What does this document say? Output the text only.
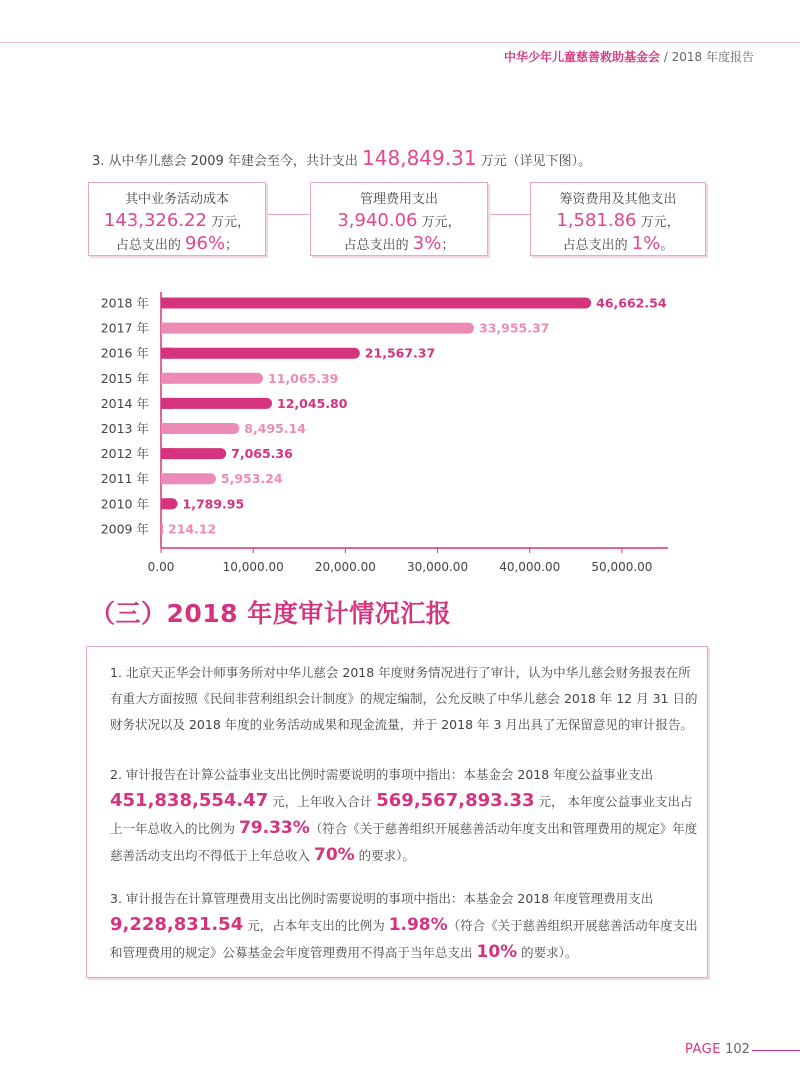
中华少年儿童慈善救助基金会 / 2018 年度报告
3. 从中华儿慈会 2009 年建会至今，共计支出 148,849.31 万元（详见下图）。
其中业务活动成本
143,326.22 万元，
占总支出的 96%；
管理费用支出
3,940.06 万元，
占总支出的 3%；
筹资费用及其他支出
1,581.86 万元，
占总支出的 1%。
0.00	10,000.00	20,000.00	30,000.00	40,000.00	50,000.00
2018 年	46,662.54
2017 年	33,955.37
2016 年	21,567.37
2015 年	11,065.39
2014 年	12,045.80
2013 年	8,495.14
2012 年	7,065.36
2011 年	5,953.24
2010 年	1,789.95
2009 年 214.12
（三）2018 年度审计情况汇报
1. 北京天正华会计师事务所对中华儿慈会 2018 年度财务情况进行了审计，认为中华儿慈会财务报表在所有重大方面按照《民间非营利组织会计制度》的规定编制，公允反映了中华儿慈会 2018 年 12 月 31 日的财务状况以及 2018 年度的业务活动成果和现金流量，并于 2018 年 3 月出具了无保留意见的审计报告。
2. 审计报告在计算公益事业支出比例时需要说明的事项中指出：本基金会 2018 年度公益事业支出
451,838,554.47 元，上年收入合计 569,567,893.33 元， 本年度公益事业支出占上一年总收入的比例为 79.33%（符合《关于慈善组织开展慈善活动年度支出和管理费用的规定》年度慈善活动支出均不得低于上年总收入 70% 的要求）。
3. 审计报告在计算管理费用支出比例时需要说明的事项中指出：本基金会 2018 年度管理费用支出
9,228,831.54 元，占本年支出的比例为 1.98%（符合《关于慈善组织开展慈善活动年度支出和管理费用的规定》公募基金会年度管理费用不得高于当年总支出 10% 的要求）。
PAGE 102
